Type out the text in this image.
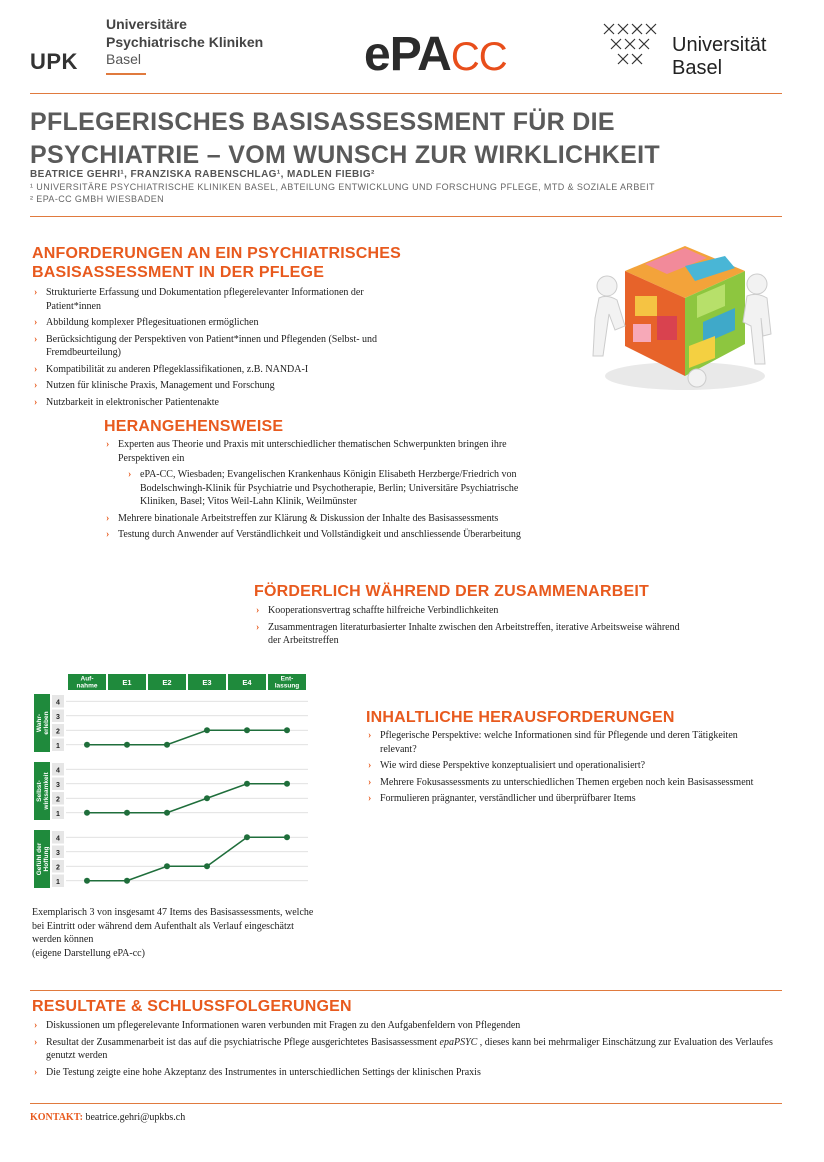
UPK
Universitäre
Psychiatrische Kliniken
Basel	ePACC	Universität
Basel
PFLEGERISCHES BASISASSESSMENT FÜR DIE
PSYCHIATRIE – VOM WUNSCH ZUR WIRKLICHKEIT
BEATRICE GEHRI¹, FRANZISKA RABENSCHLAG¹, MADLEN FIEBIG²
¹ UNIVERSITÄRE PSYCHIATRISCHE KLINIKEN BASEL, ABTEILUNG ENTWICKLUNG UND FORSCHUNG PFLEGE, MTD & SOZIALE ARBEIT
² EPA-CC GMBH WIESBADEN
ANFORDERUNGEN AN EIN PSYCHIATRISCHES
BASISASSESSMENT IN DER PFLEGE
› Strukturierte Erfassung und Dokumentation pflegerelevanter Informationen der Patient*innen
› Abbildung komplexer Pflegesituationen ermöglichen
› Berücksichtigung der Perspektiven von Patient*innen und Pflegenden (Selbst- und Fremdbeurteilung)
› Kompatibilität zu anderen Pflegeklassifikationen, z.B. NANDA-I
› Nutzen für klinische Praxis, Management und Forschung
› Nutzbarkeit in elektronischer Patientenakte
HERANGEHENSWEISE
› Experten aus Theorie und Praxis mit unterschiedlicher thematischen Schwerpunkten bringen ihre Perspektiven ein
› ePA-CC, Wiesbaden; Evangelischen Krankenhaus Königin Elisabeth Herzberge/Friedrich von Bodelschwingh-Klinik für Psychiatrie und Psychotherapie, Berlin; Universitäre Psychiatrische Kliniken, Basel; Vitos Weil-Lahn Klinik, Weilmünster
› Mehrere binationale Arbeitstreffen zur Klärung & Diskussion der Inhalte des Basisassessments
› Testung durch Anwender auf Verständlichkeit und Vollständigkeit und anschliessende Überarbeitung
FÖRDERLICH WÄHREND DER ZUSAMMENARBEIT
› Kooperationsvertrag schaffte hilfreiche Verbindlichkeiten
› Zusammentragen literaturbasierter Inhalte zwischen den Arbeitstreffen, iterative Arbeitsweise während der Arbeitstreffen
Auf-
nahme	E1	E2	E3	E4	Ent-
lassung
Wahr- erleben
4
3
2
1
Selbst- wirksamkeit
4
3
2
1
Gefühl der Hoffung
4
3
2
1
Exemplarisch 3 von insgesamt 47 Items des Basisassessments, welche bei Eintritt oder während dem Aufenthalt als Verlauf eingeschätzt werden können
(eigene Darstellung ePA-cc)
INHALTLICHE HERAUSFORDERUNGEN
› Pflegerische Perspektive: welche Informationen sind für Pflegende und deren Tätigkeiten relevant?
› Wie wird diese Perspektive konzeptualisiert und operationalisiert?
› Mehrere Fokusassessments zu unterschiedlichen Themen ergeben noch kein Basisassessment
› Formulieren prägnanter, verständlicher und überprüfbarer Items
RESULTATE & SCHLUSSFOLGERUNGEN
› Diskussionen um pflegerelevante Informationen waren verbunden mit Fragen zu den Aufgabenfeldern von Pflegenden
› Resultat der Zusammenarbeit ist das auf die psychiatrische Pflege ausgerichtetes Basisassessment epaPSYC , dieses kann bei mehrmaliger Einschätzung zur Evaluation des Verlaufes genutzt werden
› Die Testung zeigte eine hohe Akzeptanz des Instrumentes in unterschiedlichen Settings der klinischen Praxis
KONTAKT: beatrice.gehri@upkbs.ch
